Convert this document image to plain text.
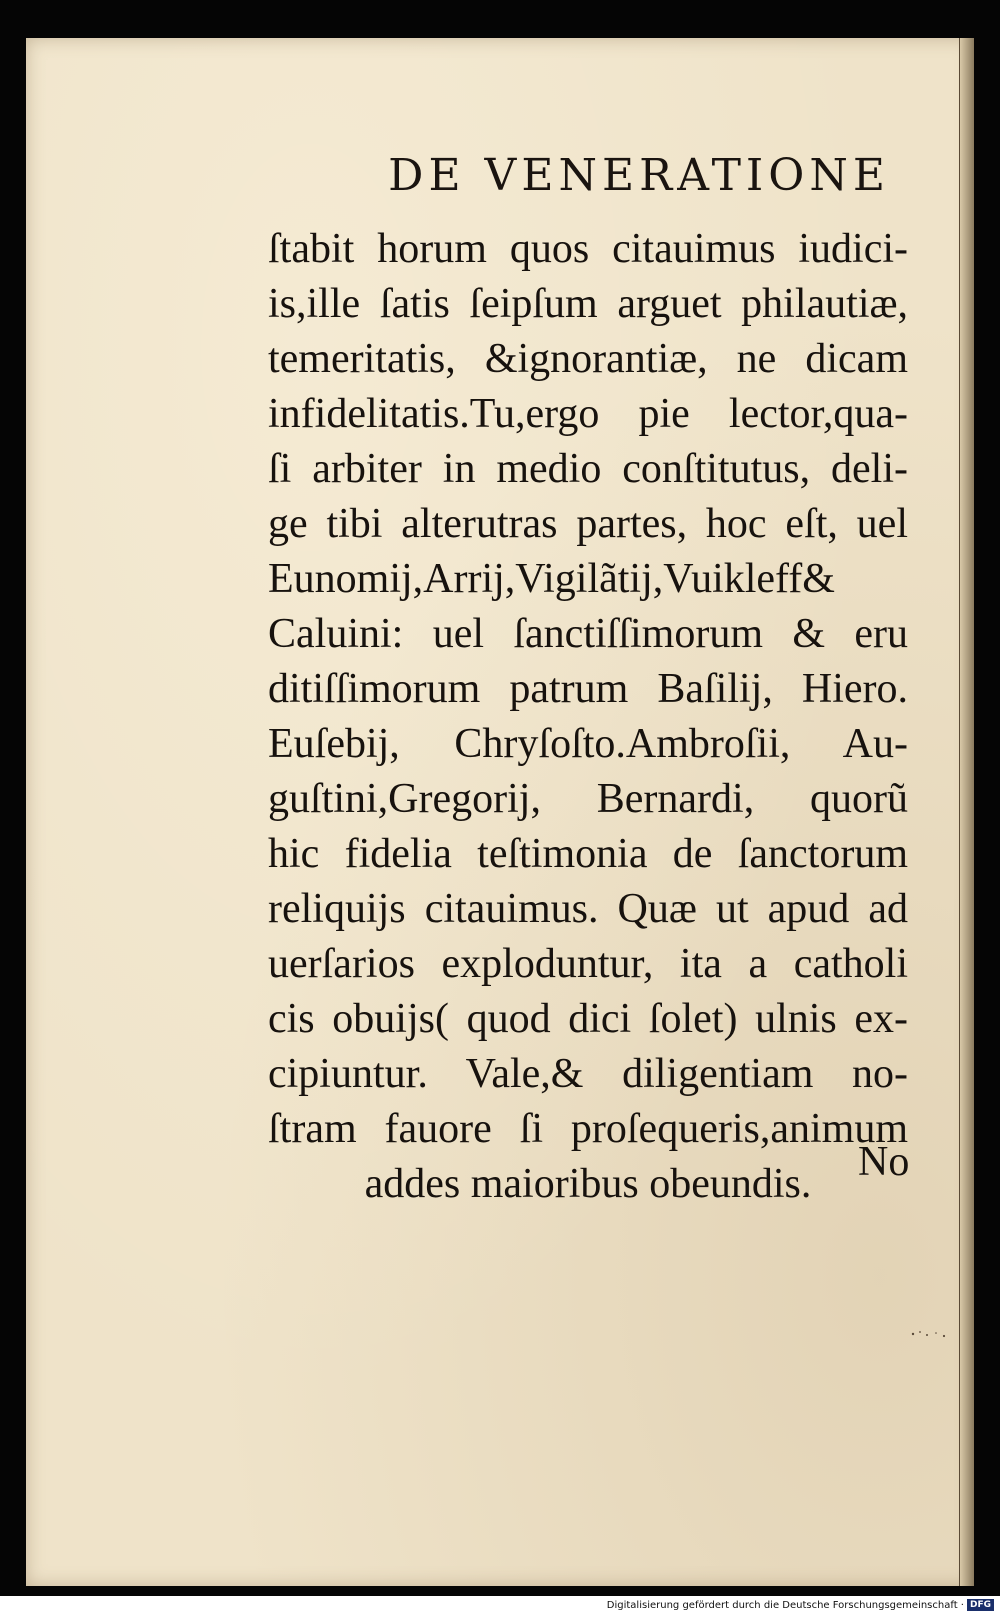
DE VENERATIONE
ſtabit horum quos citauimus iudici-
is,ille ſatis ſeipſum arguet philautiæ,
temeritatis, &ignorantiæ, ne dicam
infidelitatis.Tu,ergo pie lector,qua-
ſi arbiter in medio conſtitutus, deli-
ge tibi alterutras partes, hoc eſt, uel
Eunomij,Arrij,Vigilãtij,Vuikleff&
Caluini: uel ſanctiſſimorum & eru
ditiſſimorum patrum Baſilij, Hiero.
Euſebij, Chryſoſto.Ambroſii, Au-
guſtini,Gregorij, Bernardi, quorũ
hic fidelia teſtimonia de ſanctorum
reliquijs citauimus. Quæ ut apud ad
uerſarios exploduntur, ita a catholi
cis obuijs( quod dici ſolet) ulnis ex-
cipiuntur. Vale,& diligentiam no-
ſtram fauore ſi proſequeris,animum
addes maioribus obeundis.	No
Digitalisierung gefördert durch die Deutsche Forschungsgemeinschaft · DFG
